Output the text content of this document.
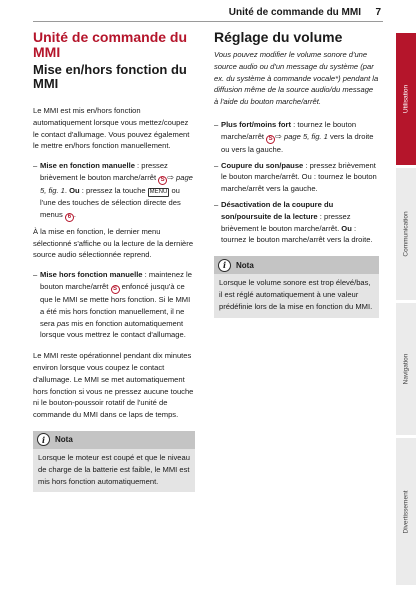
Unité de commande du MMI 7
Unité de commande du MMI
Mise en/hors fonction du MMI

Le MMI est mis en/hors fonction automatiquement lorsque vous mettez/coupez le contact d'allumage. Vous pouvez également le mettre en/hors fonction manuellement.

– Mise en fonction manuelle : pressez brièvement le bouton marche/arrêt S ⇨ page 5, fig. 1. Ou : pressez la touche MENU ou l'une des touches de sélection directe des menus 6 .

À la mise en fonction, le dernier menu sélectionné s'affiche ou la lecture de la dernière source audio sélectionnée reprend.

– Mise hors fonction manuelle : maintenez le bouton marche/arrêt S enfoncé jusqu'à ce que le MMI se mette hors fonction. Si le MMI a été mis hors fonction manuellement, il ne sera pas mis en fonction automatiquement lorsque vous mettrez le contact d'allumage.

Le MMI reste opérationnel pendant dix minutes environ lorsque vous coupez le contact d'allumage. Le MMI se met automatiquement hors fonction si vous ne pressez aucune touche ni le bouton-poussoir rotatif de l'unité de commande du MMI dans ce laps de temps.

i	Nota

Lorsque le moteur est coupé et que le niveau de charge de la batterie est faible, le MMI est mis hors fonction automatiquement.

Réglage du volume

Vous pouvez modifier le volume sonore d'une source audio ou d'un message du système (par ex. du système à commande vocale*) pendant la diffusion même de la source audio/du message à l'aide du bouton marche/arrêt.

– Plus fort/moins fort : tournez le bouton marche/arrêt S ⇨ page 5, fig. 1 vers la droite ou vers la gauche.

– Coupure du son/pause : pressez brièvement le bouton marche/arrêt. Ou : tournez le bouton marche/arrêt vers la gauche.

– Désactivation de la coupure du son/poursuite de la lecture : pressez brièvement le bouton marche/arrêt. Ou : tournez le bouton marche/arrêt vers la droite.

i	Nota

Lorsque le volume sonore est trop élevé/bas, il est réglé automatiquement à une valeur prédéfinie lors de la mise en fonction du MMI.

Utilisation
Communication
Navigation
Divertissement
